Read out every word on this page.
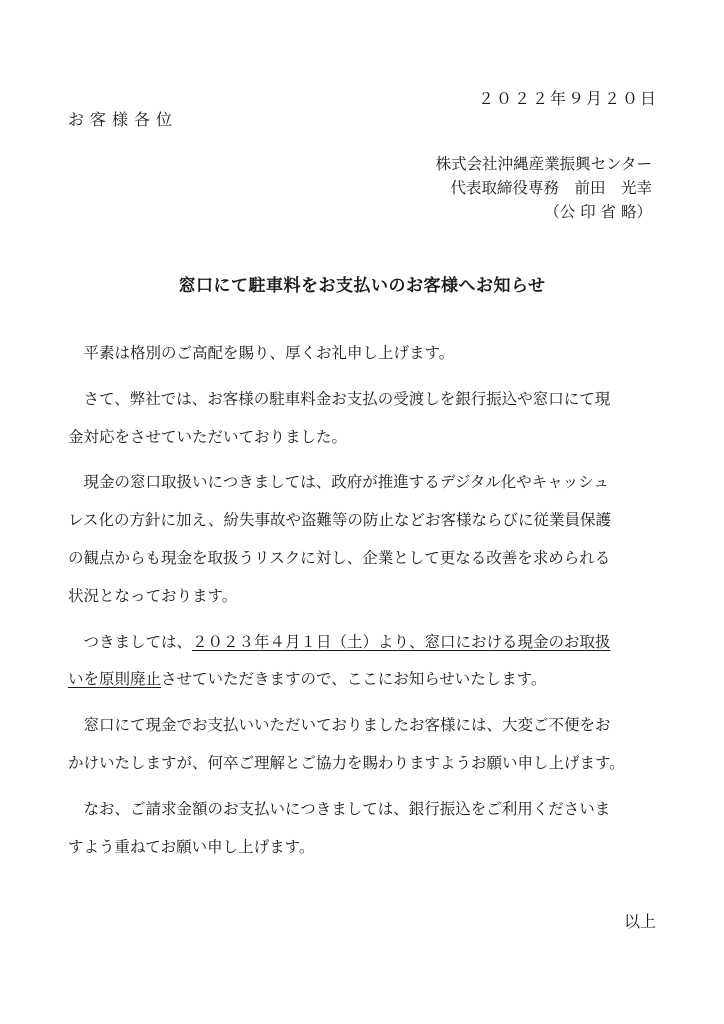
２０２２年９月２０日
お客様各位
株式会社沖縄産業振興センター
代表取締役専務　前田　光幸
（公 印 省 略）
窓口にて駐車料をお支払いのお客様へお知らせ

平素は格別のご高配を賜り、厚くお礼申し上げます。

さて、弊社では、お客様の駐車料金お支払の受渡しを銀行振込や窓口にて現
金対応をさせていただいておりました。

現金の窓口取扱いにつきましては、政府が推進するデジタル化やキャッシュ
レス化の方針に加え、紛失事故や盗難等の防止などお客様ならびに従業員保護
の観点からも現金を取扱うリスクに対し、企業として更なる改善を求められる
状況となっております。

つきましては、２０２３年４月１日（土）より、窓口における現金のお取扱
いを原則廃止させていただきますので、ここにお知らせいたします。

窓口にて現金でお支払いいただいておりましたお客様には、大変ご不便をお
かけいたしますが、何卒ご理解とご協力を賜わりますようお願い申し上げます。

なお、ご請求金額のお支払いにつきましては、銀行振込をご利用くださいま
すよう重ねてお願い申し上げます。

以上
